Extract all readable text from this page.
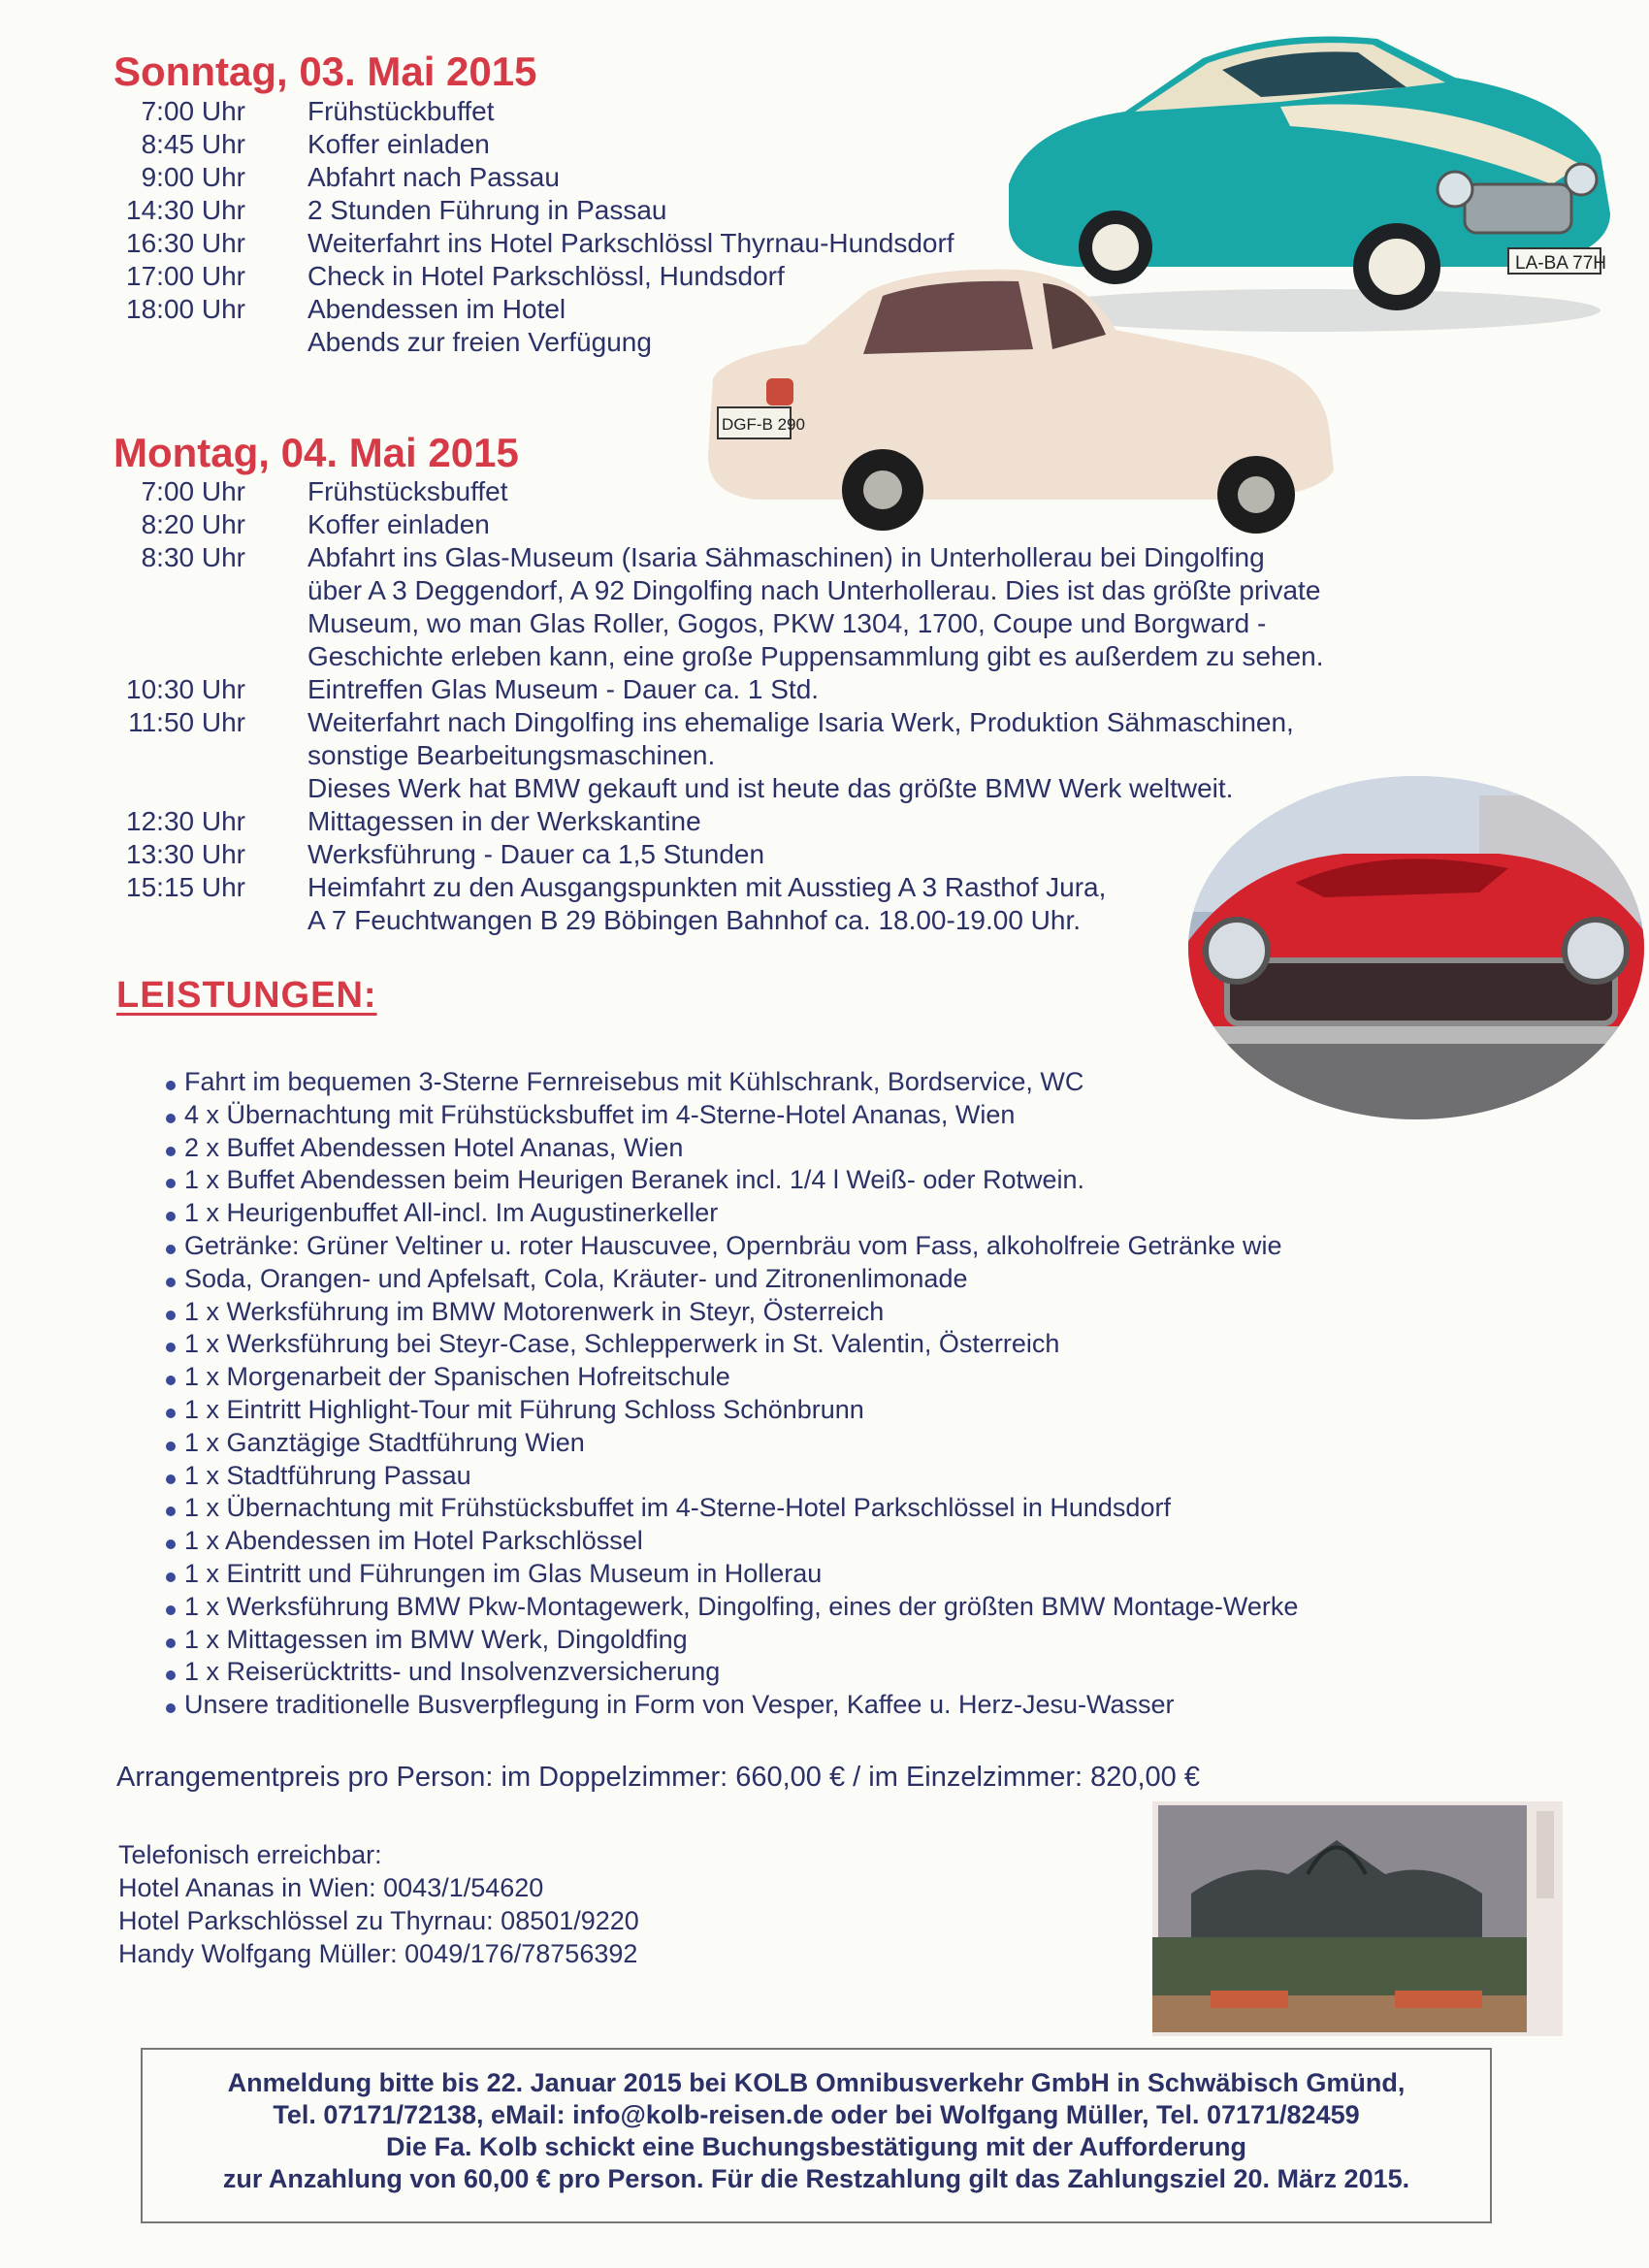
LA-BA 77H
DGF-B 290
Sonntag, 03. Mai 2015
7:00 Uhr Frühstückbuffet
8:45 Uhr Koffer einladen
9:00 Uhr Abfahrt nach Passau
14:30 Uhr 2 Stunden Führung in Passau
16:30 Uhr Weiterfahrt ins Hotel Parkschlössl Thyrnau-Hundsdorf
17:00 Uhr Check in Hotel Parkschlössl, Hundsdorf
18:00 Uhr Abendessen im Hotel
Abends zur freien Verfügung
Montag, 04. Mai 2015
7:00 Uhr Frühstücksbuffet
8:20 Uhr Koffer einladen
8:30 Uhr Abfahrt ins Glas-Museum (Isaria Sähmaschinen) in Unterhollerau bei Dingolfing
über A 3 Deggendorf, A 92 Dingolfing nach Unterhollerau. Dies ist das größte private
Museum, wo man Glas Roller, Gogos, PKW 1304, 1700, Coupe und Borgward -
Geschichte erleben kann, eine große Puppensammlung gibt es außerdem zu sehen.
10:30 Uhr Eintreffen Glas Museum - Dauer ca. 1 Std.
11:50 Uhr Weiterfahrt nach Dingolfing ins ehemalige Isaria Werk, Produktion Sähmaschinen,
sonstige Bearbeitungsmaschinen.
Dieses Werk hat BMW gekauft und ist heute das größte BMW Werk weltweit.
12:30 Uhr Mittagessen in der Werkskantine
13:30 Uhr Werksführung - Dauer ca 1,5 Stunden
15:15 Uhr Heimfahrt zu den Ausgangspunkten mit Ausstieg A 3 Rasthof Jura,
A 7 Feuchtwangen B 29 Böbingen Bahnhof ca. 18.00-19.00 Uhr.
LEISTUNGEN:
Fahrt im bequemen 3-Sterne Fernreisebus mit Kühlschrank, Bordservice, WC
4 x Übernachtung mit Frühstücksbuffet im 4-Sterne-Hotel Ananas, Wien
2 x Buffet Abendessen Hotel Ananas, Wien
1 x Buffet Abendessen beim Heurigen Beranek incl. 1/4 l Weiß- oder Rotwein.
1 x Heurigenbuffet All-incl. Im Augustinerkeller
Getränke: Grüner Veltiner u. roter Hauscuvee, Opernbräu vom Fass, alkoholfreie Getränke wie
Soda, Orangen- und Apfelsaft, Cola, Kräuter- und Zitronenlimonade
1 x Werksführung im BMW Motorenwerk in Steyr, Österreich
1 x Werksführung bei Steyr-Case, Schlepperwerk in St. Valentin, Österreich
1 x Morgenarbeit der Spanischen Hofreitschule
1 x Eintritt Highlight-Tour mit Führung Schloss Schönbrunn
1 x Ganztägige Stadtführung Wien
1 x Stadtführung Passau
1 x Übernachtung mit Frühstücksbuffet im 4-Sterne-Hotel Parkschlössel in Hundsdorf
1 x Abendessen im Hotel Parkschlössel
1 x Eintritt und Führungen im Glas Museum in Hollerau
1 x Werksführung BMW Pkw-Montagewerk, Dingolfing, eines der größten BMW Montage-Werke
1 x Mittagessen im BMW Werk, Dingoldfing
1 x Reiserücktritts- und Insolvenzversicherung
Unsere traditionelle Busverpflegung in Form von Vesper, Kaffee u. Herz-Jesu-Wasser
Arrangementpreis pro Person: im Doppelzimmer: 660,00 € / im Einzelzimmer: 820,00 €
Telefonisch erreichbar:
Hotel Ananas in Wien: 0043/1/54620
Hotel Parkschlössel zu Thyrnau: 08501/9220
Handy Wolfgang Müller: 0049/176/78756392
Anmeldung bitte bis 22. Januar 2015 bei KOLB Omnibusverkehr GmbH in Schwäbisch Gmünd,
Tel. 07171/72138, eMail: info@kolb-reisen.de oder bei Wolfgang Müller, Tel. 07171/82459
Die Fa. Kolb schickt eine Buchungsbestätigung mit der Aufforderung
zur Anzahlung von 60,00 € pro Person. Für die Restzahlung gilt das Zahlungsziel 20. März 2015.
